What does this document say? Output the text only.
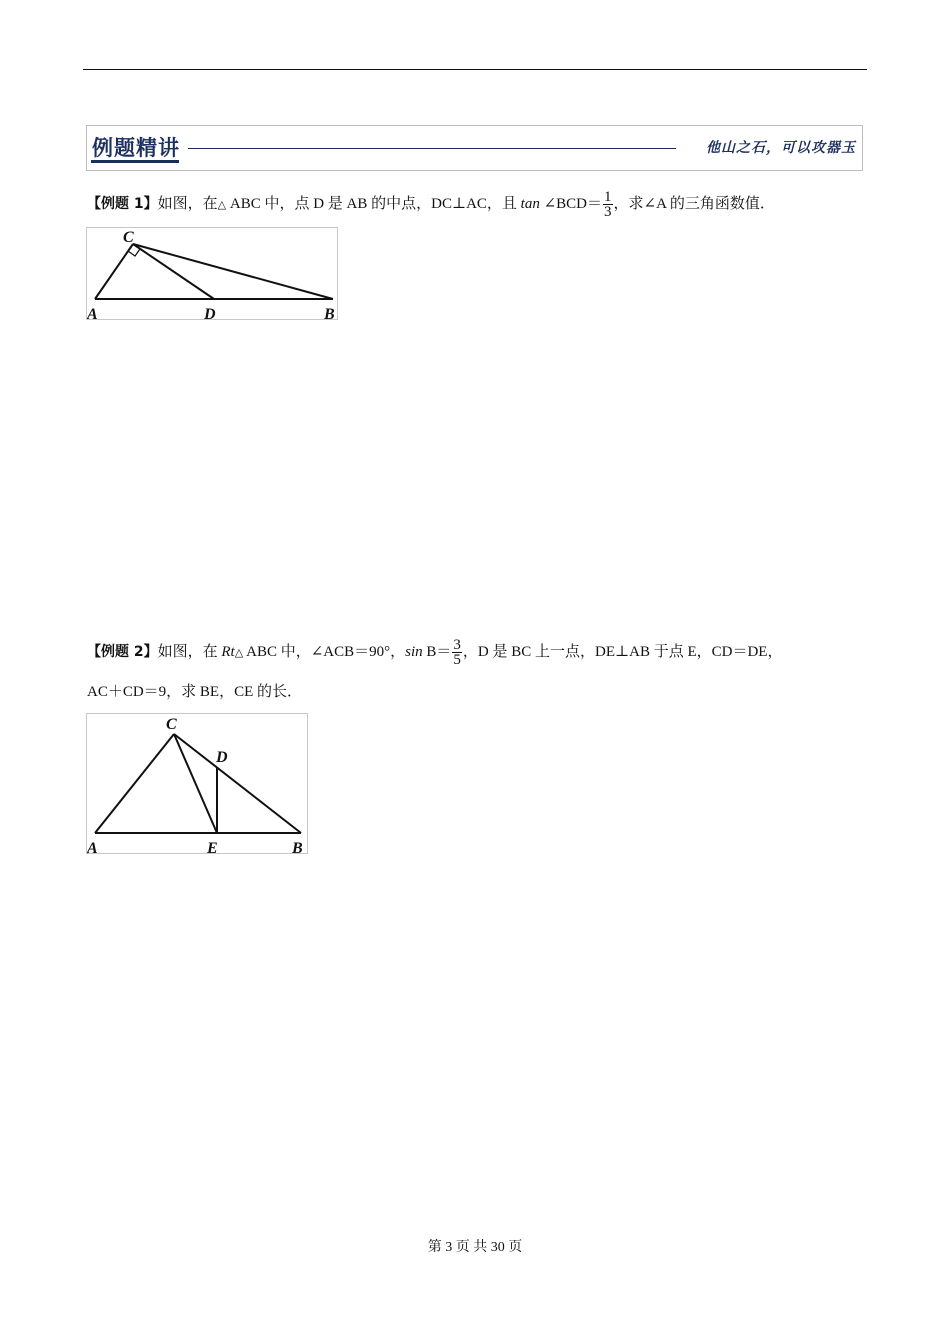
例题精讲	他山之石，可以攻器玉
【例题 1】如图，在△ ABC 中，点 D 是 AB 的中点，DC⊥AC，且 tan ∠BCD＝ $\frac{1}{3}$ ，求∠A 的三角函数值．
A	D	B
C
【例题 2】如图，在 Rt△ ABC 中，∠ACB＝90°，$\sin B= \frac{3}{5}$ ，D 是 BC 上一点，DE⊥AB 于点 E，CD＝DE，
AC＋CD＝9，求 BE，CE 的长．
A	E	B
C
D
第 3 页 共 30 页
